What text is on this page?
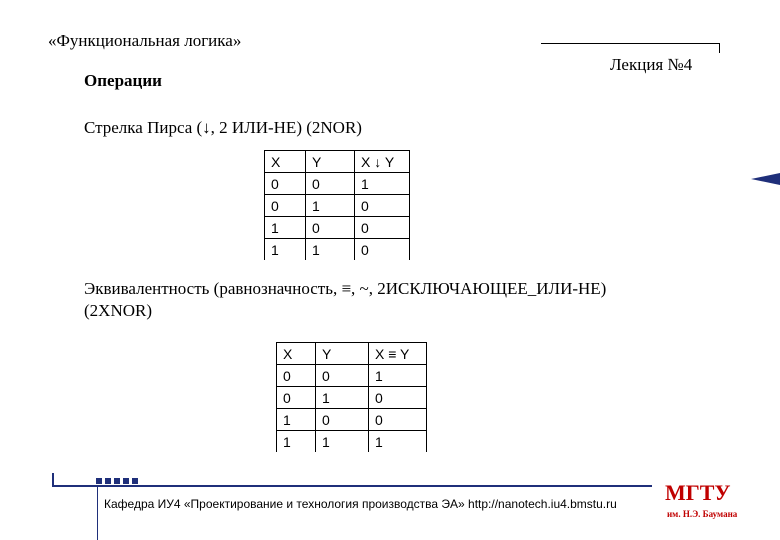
«Функциональная логика»
Лекция №4
Операции
Стрелка Пирса (↓, 2 ИЛИ-НЕ) (2NOR)
X	Y	X ↓ Y
0	0	1
0	1	0
1	0	0
1	1	0
Эквивалентность (равнозначность, ≡, ~, 2ИСКЛЮЧАЮЩЕЕ_ИЛИ-НЕ)
(2XNOR)
X	Y	X ≡ Y
0	0	1
0	1	0
1	0	0
1	1	1
Кафедра ИУ4 «Проектирование и технология производства ЭА» http://nanotech.iu4.bmstu.ru МГТУ
им. Н.Э. Баумана
